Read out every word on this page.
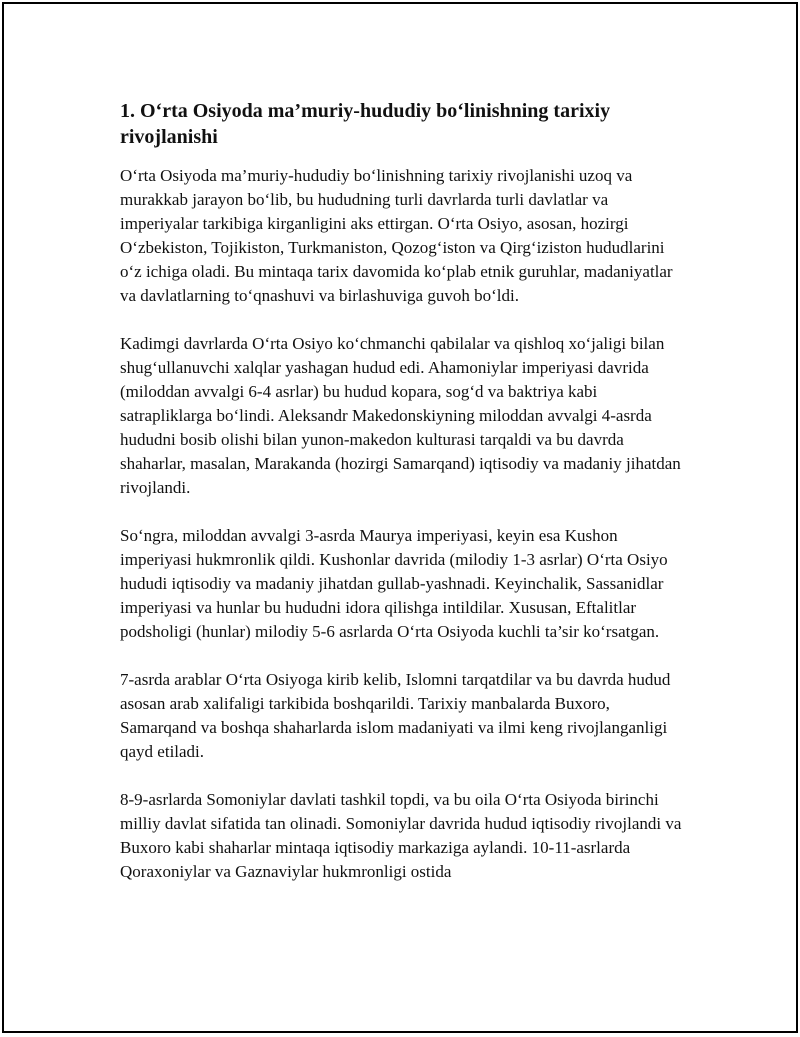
1. O‘rta Osiyoda ma’muriy-hududiy bo‘linishning tarixiy rivojlanishi

O‘rta Osiyoda ma’muriy-hududiy bo‘linishning tarixiy rivojlanishi uzoq va murakkab jarayon bo‘lib, bu hududning turli davrlarda turli davlatlar va imperiyalar tarkibiga kirganligini aks ettirgan. O‘rta Osiyo, asosan, hozirgi O‘zbekiston, Tojikiston, Turkmaniston, Qozog‘iston va Qirg‘iziston hududlarini o‘z ichiga oladi. Bu mintaqa tarix davomida ko‘plab etnik guruhlar, madaniyatlar va davlatlarning to‘qnashuvi va birlashuviga guvoh bo‘ldi.

Kadimgi davrlarda O‘rta Osiyo ko‘chmanchi qabilalar va qishloq xo‘jaligi bilan shug‘ullanuvchi xalqlar yashagan hudud edi. Ahamoniylar imperiyasi davrida (miloddan avvalgi 6-4 asrlar) bu hudud kopara, sog‘d va baktriya kabi satrapliklarga bo‘lindi. Aleksandr Makedonskiyning miloddan avvalgi 4-asrda hududni bosib olishi bilan yunon-makedon kulturasi tarqaldi va bu davrda shaharlar, masalan, Marakanda (hozirgi Samarqand) iqtisodiy va madaniy jihatdan rivojlandi.

So‘ngra, miloddan avvalgi 3-asrda Maurya imperiyasi, keyin esa Kushon imperiyasi hukmronlik qildi. Kushonlar davrida (milodiy 1-3 asrlar) O‘rta Osiyo hududi iqtisodiy va madaniy jihatdan gullab-yashnadi. Keyinchalik, Sassanidlar imperiyasi va hunlar bu hududni idora qilishga intildilar. Xususan, Eftalitlar podsholigi (hunlar) milodiy 5-6 asrlarda O‘rta Osiyoda kuchli ta’sir ko‘rsatgan.

7-asrda arablar O‘rta Osiyoga kirib kelib, Islomni tarqatdilar va bu davrda hudud asosan arab xalifaligi tarkibida boshqarildi. Tarixiy manbalarda Buxoro, Samarqand va boshqa shaharlarda islom madaniyati va ilmi keng rivojlanganligi qayd etiladi.

8-9-asrlarda Somoniylar davlati tashkil topdi, va bu oila O‘rta Osiyoda birinchi milliy davlat sifatida tan olinadi. Somoniylar davrida hudud iqtisodiy rivojlandi va Buxoro kabi shaharlar mintaqa iqtisodiy markaziga aylandi. 10-11-asrlarda Qoraxoniylar va Gaznaviylar hukmronligi ostida
